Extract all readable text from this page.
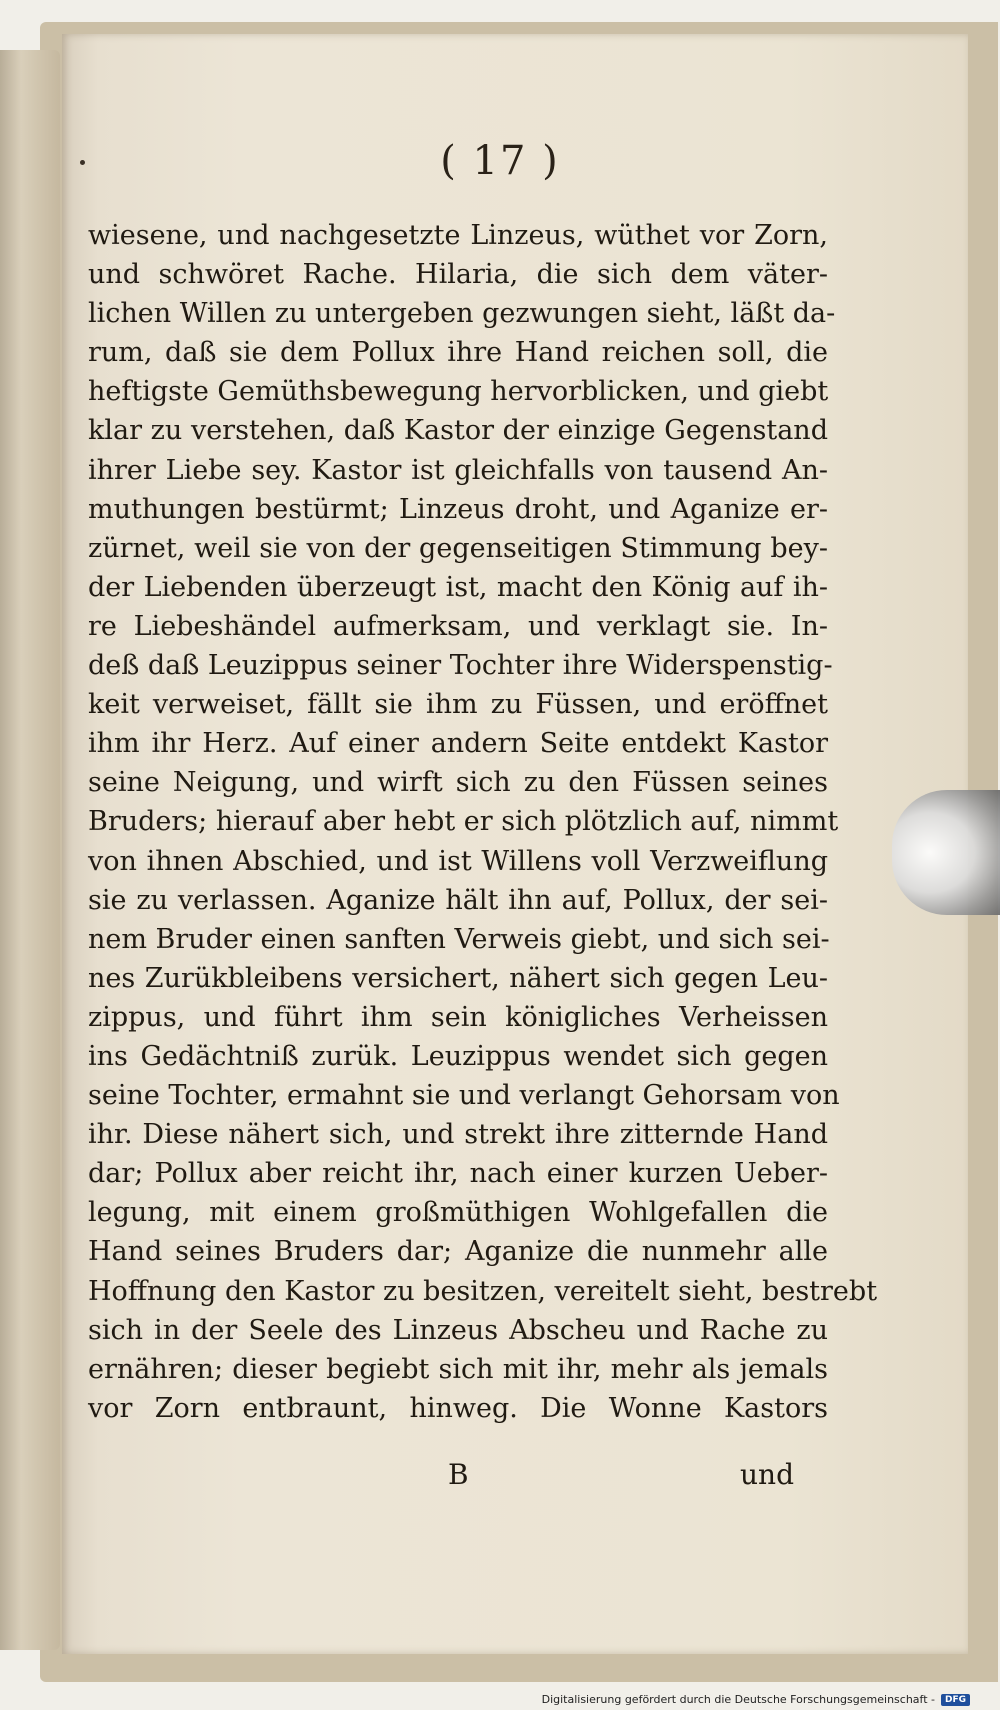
( 17 )
wiesene, und nachgesetzte Linzeus, wüthet vor Zorn,
und schwöret Rache. Hilaria, die sich dem väter-
lichen Willen zu untergeben gezwungen sieht, läßt da-
rum, daß sie dem Pollux ihre Hand reichen soll, die
heftigste Gemüthsbewegung hervorblicken, und giebt
klar zu verstehen, daß Kastor der einzige Gegenstand
ihrer Liebe sey. Kastor ist gleichfalls von tausend An-
muthungen bestürmt; Linzeus droht, und Aganize er-
zürnet, weil sie von der gegenseitigen Stimmung bey-
der Liebenden überzeugt ist, macht den König auf ih-
re Liebeshändel aufmerksam, und verklagt sie. In-
deß daß Leuzippus seiner Tochter ihre Widerspenstig-
keit verweiset, fällt sie ihm zu Füssen, und eröffnet
ihm ihr Herz. Auf einer andern Seite entdekt Kastor
seine Neigung, und wirft sich zu den Füssen seines
Bruders; hierauf aber hebt er sich plötzlich auf, nimmt
von ihnen Abschied, und ist Willens voll Verzweiflung
sie zu verlassen. Aganize hält ihn auf, Pollux, der sei-
nem Bruder einen sanften Verweis giebt, und sich sei-
nes Zurükbleibens versichert, nähert sich gegen Leu-
zippus, und führt ihm sein königliches Verheissen
ins Gedächtniß zurük. Leuzippus wendet sich gegen
seine Tochter, ermahnt sie und verlangt Gehorsam von
ihr. Diese nähert sich, und strekt ihre zitternde Hand
dar; Pollux aber reicht ihr, nach einer kurzen Ueber-
legung, mit einem großmüthigen Wohlgefallen die
Hand seines Bruders dar; Aganize die nunmehr alle
Hoffnung den Kastor zu besitzen, vereitelt sieht, bestrebt
sich in der Seele des Linzeus Abscheu und Rache zu
ernähren; dieser begiebt sich mit ihr, mehr als jemals
vor Zorn entbraunt, hinweg. Die Wonne Kastors
B	und
Digitalisierung gefördert durch die Deutsche Forschungsgemeinschaft -	DFG
